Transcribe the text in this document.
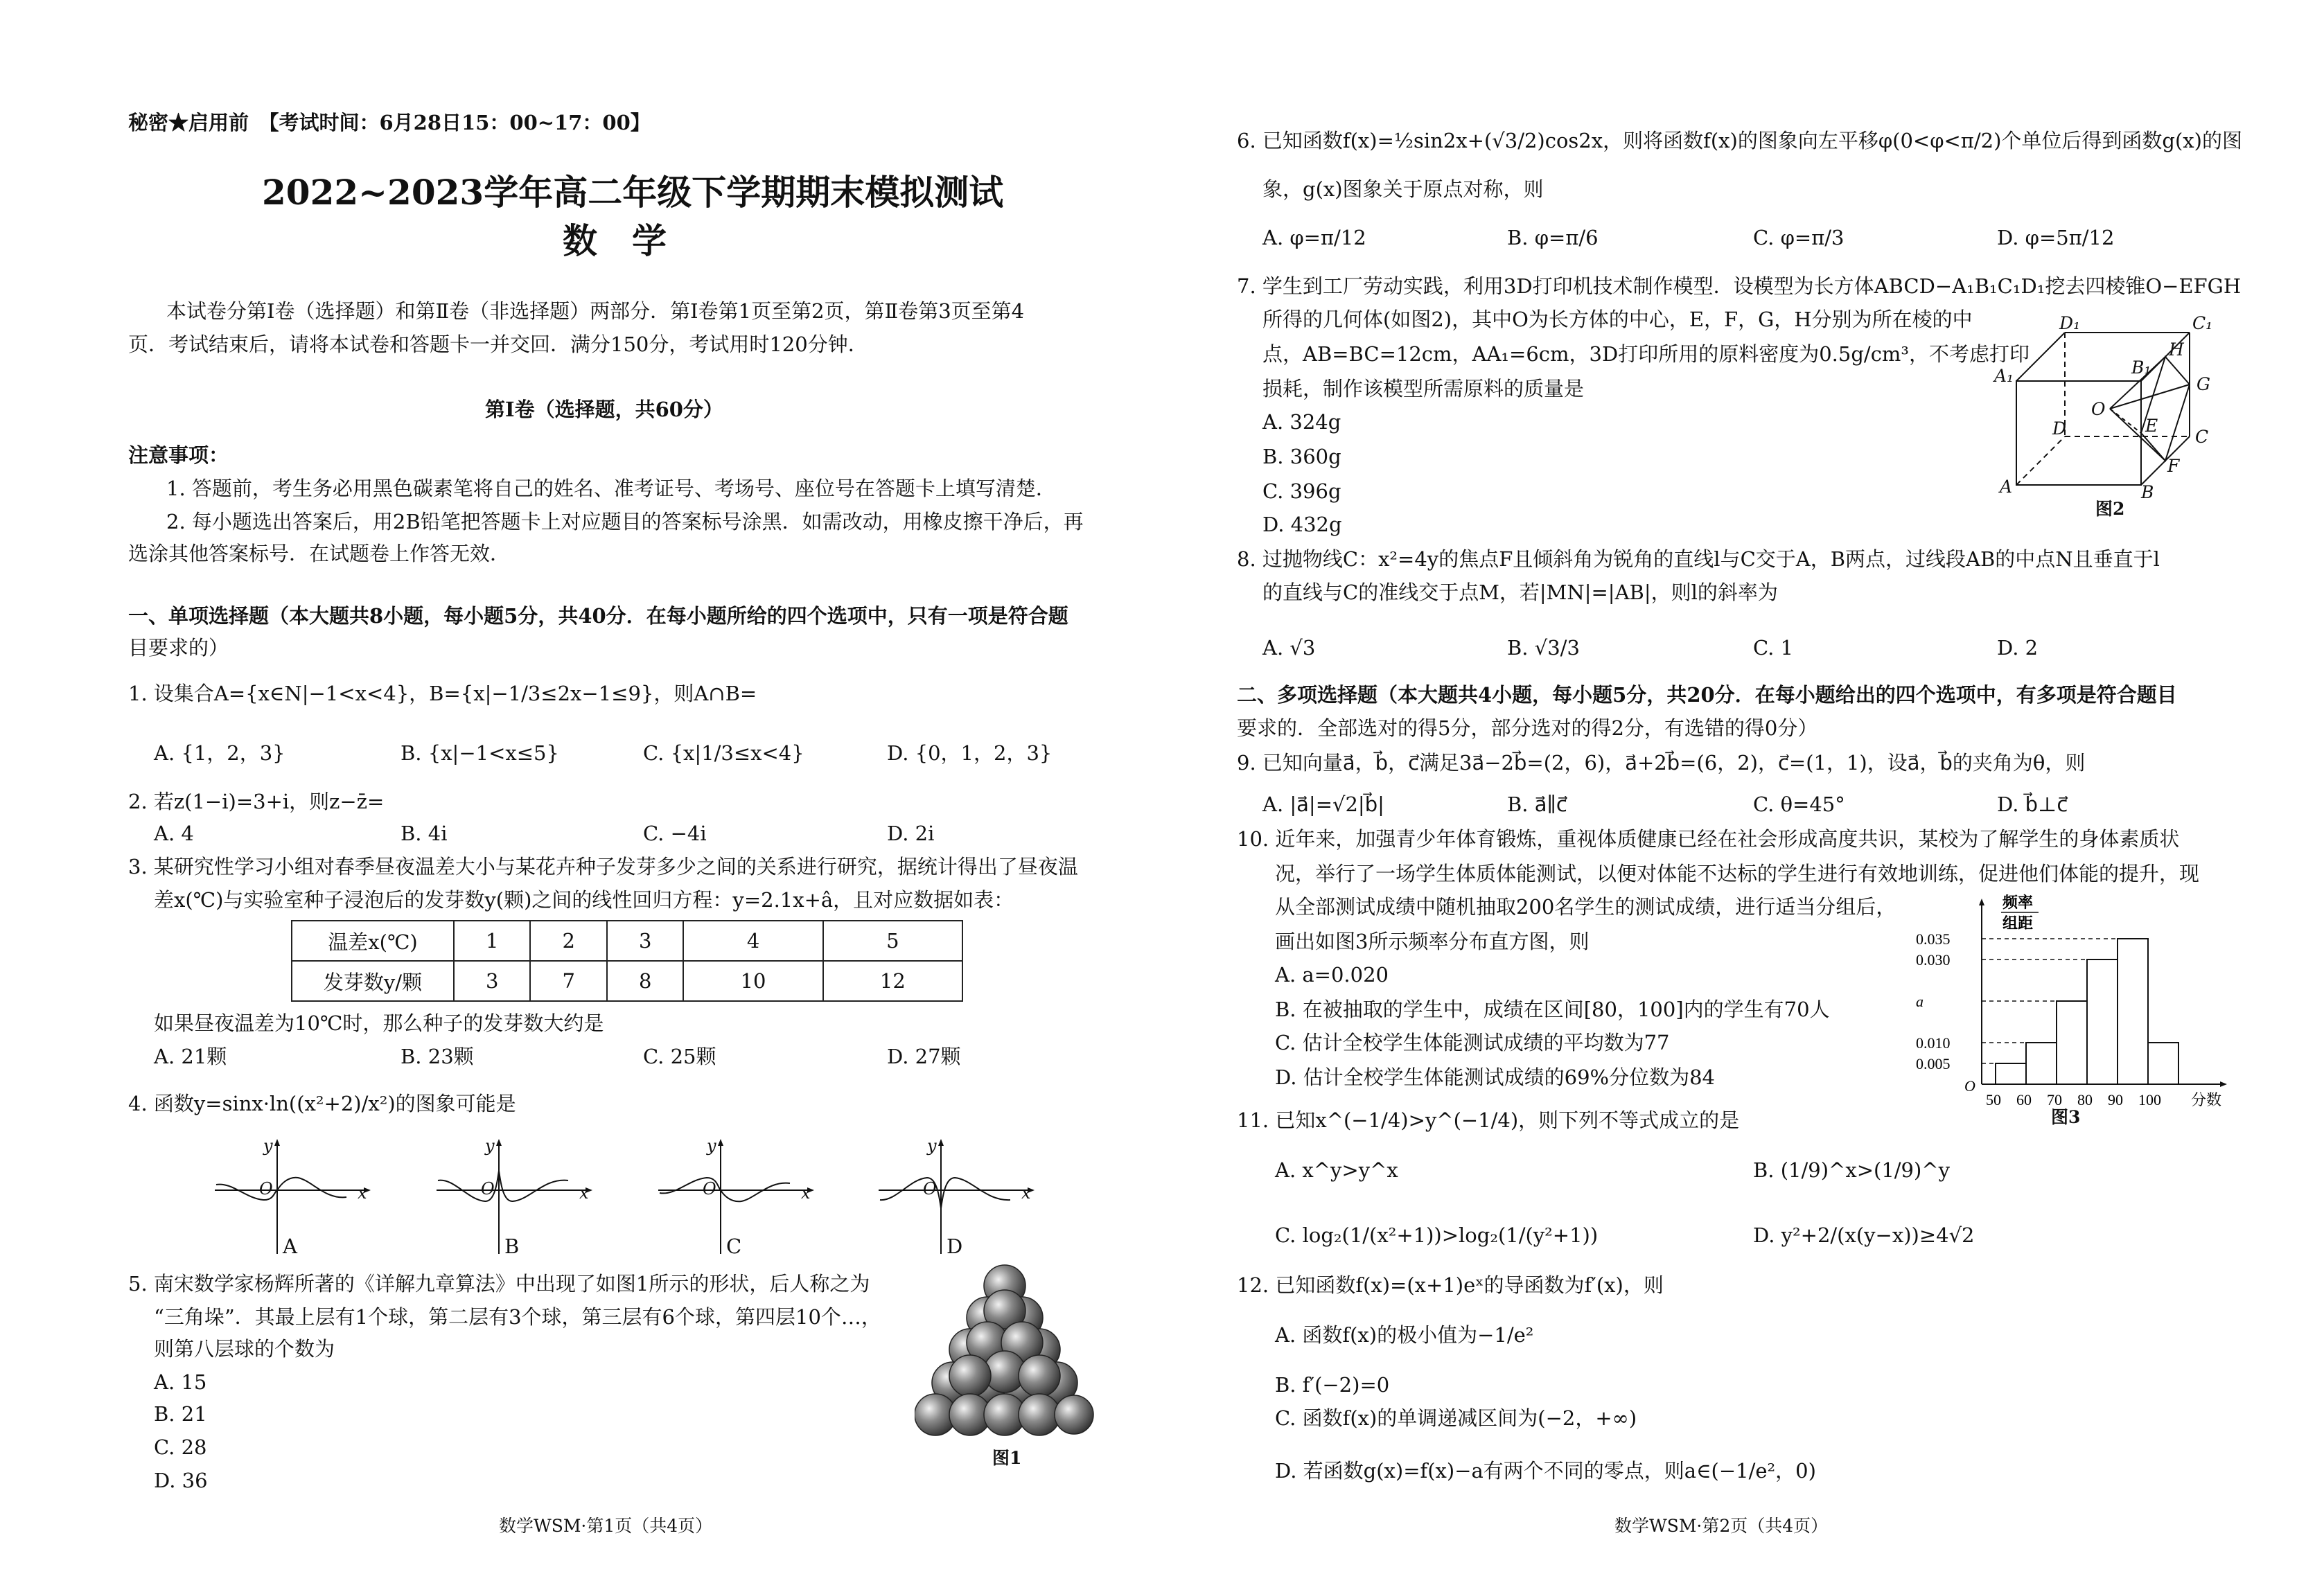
秘密★启用前　【考试时间：6月28日15：00~17：00】
2022~2023学年高二年级下学期期末模拟测试
数　学
本试卷分第Ⅰ卷（选择题）和第Ⅱ卷（非选择题）两部分．第Ⅰ卷第1页至第2页，第Ⅱ卷第3页至第4
页．考试结束后，请将本试卷和答题卡一并交回．满分150分，考试用时120分钟．
第Ⅰ卷（选择题，共60分）
注意事项：
1. 答题前，考生务必用黑色碳素笔将自己的姓名、准考证号、考场号、座位号在答题卡上填写清楚．
2. 每小题选出答案后，用2B铅笔把答题卡上对应题目的答案标号涂黑．如需改动，用橡皮擦干净后，再
选涂其他答案标号．在试题卷上作答无效．
一、单项选择题（本大题共8小题，每小题5分，共40分．在每小题所给的四个选项中，只有一项是符合题
目要求的）
1. 设集合A={x∈N|−1<x<4}，B={x|−1/3≤2x−1≤9}，则A∩B=
A. {1，2，3}	B. {x|−1<x≤5}	C. {x|1/3≤x<4}	D. {0，1，2，3}
2. 若z(1−i)=3+i，则z−z̄=
A. 4	B. 4i	C. −4i	D. 2i
3. 某研究性学习小组对春季昼夜温差大小与某花卉种子发芽多少之间的关系进行研究，据统计得出了昼夜温
差x(℃)与实验室种子浸泡后的发芽数y(颗)之间的线性回归方程：y=2.1x+â，且对应数据如表：
温差x(℃)	1	2	3	4	5
发芽数y/颗	3	7	8	10	12
如果昼夜温差为10℃时，那么种子的发芽数大约是
A. 21颗	B. 23颗	C. 25颗	D. 27颗
4. 函数y=sinx·ln((x²+2)/x²)的图象可能是
y
x
O
A
y
x
O
B
y
x
O
C
y
x
O
D
5. 南宋数学家杨辉所著的《详解九章算法》中出现了如图1所示的形状，后人称之为
“三角垛”．其最上层有1个球，第二层有3个球，第三层有6个球，第四层10个…，
则第八层球的个数为
A. 15
B. 21
C. 28
D. 36
图1
数学WSM·第1页（共4页）
6. 已知函数f(x)=½sin2x+(√3/2)cos2x，则将函数f(x)的图象向左平移φ(0<φ<π/2)个单位后得到函数g(x)的图
象，g(x)图象关于原点对称，则
A. φ=π/12	B. φ=π/6	C. φ=π/3	D. φ=5π/12
7. 学生到工厂劳动实践，利用3D打印机技术制作模型．设模型为长方体ABCD−A₁B₁C₁D₁挖去四棱锥O−EFGH
所得的几何体(如图2)，其中O为长方体的中心，E，F，G，H分别为所在棱的中
点，AB=BC=12cm，AA₁=6cm，3D打印所用的原料密度为0.5g/cm³，不考虑打印
损耗，制作该模型所需原料的质量是
A. 324g
B. 360g
C. 396g
D. 432g
D₁	C₁
A₁	B₁
H
G
O
D	E
C
F
A	B
图2
8. 过抛物线C：x²=4y的焦点F且倾斜角为锐角的直线l与C交于A，B两点，过线段AB的中点N且垂直于l
的直线与C的准线交于点M，若|MN|=|AB|，则l的斜率为
A. √3	B. √3/3	C. 1	D. 2
二、多项选择题（本大题共4小题，每小题5分，共20分．在每小题给出的四个选项中，有多项是符合题目
要求的．全部选对的得5分，部分选对的得2分，有选错的得0分）
9. 已知向量a⃗，b⃗，c⃗满足3a⃗−2b⃗=(2，6)，a⃗+2b⃗=(6，2)，c⃗=(1，1)，设a⃗，b⃗的夹角为θ，则
A. |a⃗|=√2|b⃗|	B. a⃗∥c⃗	C. θ=45°	D. b⃗⊥c⃗
10. 近年来，加强青少年体育锻炼，重视体质健康已经在社会形成高度共识，某校为了解学生的身体素质状
况，举行了一场学生体质体能测试，以便对体能不达标的学生进行有效地训练，促进他们体能的提升，现
从全部测试成绩中随机抽取200名学生的测试成绩，进行适当分组后，
画出如图3所示频率分布直方图，则
A. a=0.020
B. 在被抽取的学生中，成绩在区间[80，100]内的学生有70人
C. 估计全校学生体能测试成绩的平均数为77
D. 估计全校学生体能测试成绩的69%分位数为84	O
频率
组距
50 60 70 80 90 100
0.035
0.030
a
0.010
0.005
分数
图3
11. 已知x^(−1/4)>y^(−1/4)，则下列不等式成立的是
A. x^y>y^x	B. (1/9)^x>(1/9)^y
C. log₂(1/(x²+1))>log₂(1/(y²+1))	D. y²+2/(x(y−x))≥4√2
12. 已知函数f(x)=(x+1)eˣ的导函数为f′(x)，则
A. 函数f(x)的极小值为−1/e²
B. f′(−2)=0
C. 函数f(x)的单调递减区间为(−2，+∞)
D. 若函数g(x)=f(x)−a有两个不同的零点，则a∈(−1/e²，0)
数学WSM·第2页（共4页）
